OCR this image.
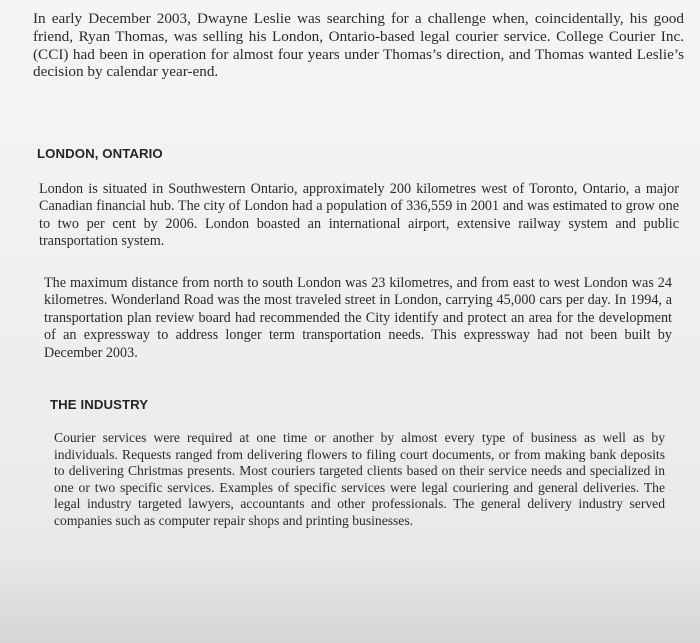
In early December 2003, Dwayne Leslie was searching for a challenge when, coincidentally, his good friend, Ryan Thomas, was selling his London, Ontario-based legal courier service. College Courier Inc. (CCI) had been in operation for almost four years under Thomas’s direction, and Thomas wanted Leslie’s decision by calendar year-end.

LONDON, ONTARIO

London is situated in Southwestern Ontario, approximately 200 kilometres west of Toronto, Ontario, a major Canadian financial hub. The city of London had a population of 336,559 in 2001 and was estimated to grow one to two per cent by 2006. London boasted an international airport, extensive railway system and public transportation system.

The maximum distance from north to south London was 23 kilometres, and from east to west London was 24 kilometres. Wonderland Road was the most traveled street in London, carrying 45,000 cars per day. In 1994, a transportation plan review board had recommended the City identify and protect an area for the development of an expressway to address longer term transportation needs. This expressway had not been built by December 2003.

THE INDUSTRY

Courier services were required at one time or another by almost every type of business as well as by individuals. Requests ranged from delivering flowers to filing court documents, or from making bank deposits to delivering Christmas presents. Most couriers targeted clients based on their service needs and specialized in one or two specific services. Examples of specific services were legal couriering and general deliveries. The legal industry targeted lawyers, accountants and other professionals. The general delivery industry served companies such as computer repair shops and printing businesses.
